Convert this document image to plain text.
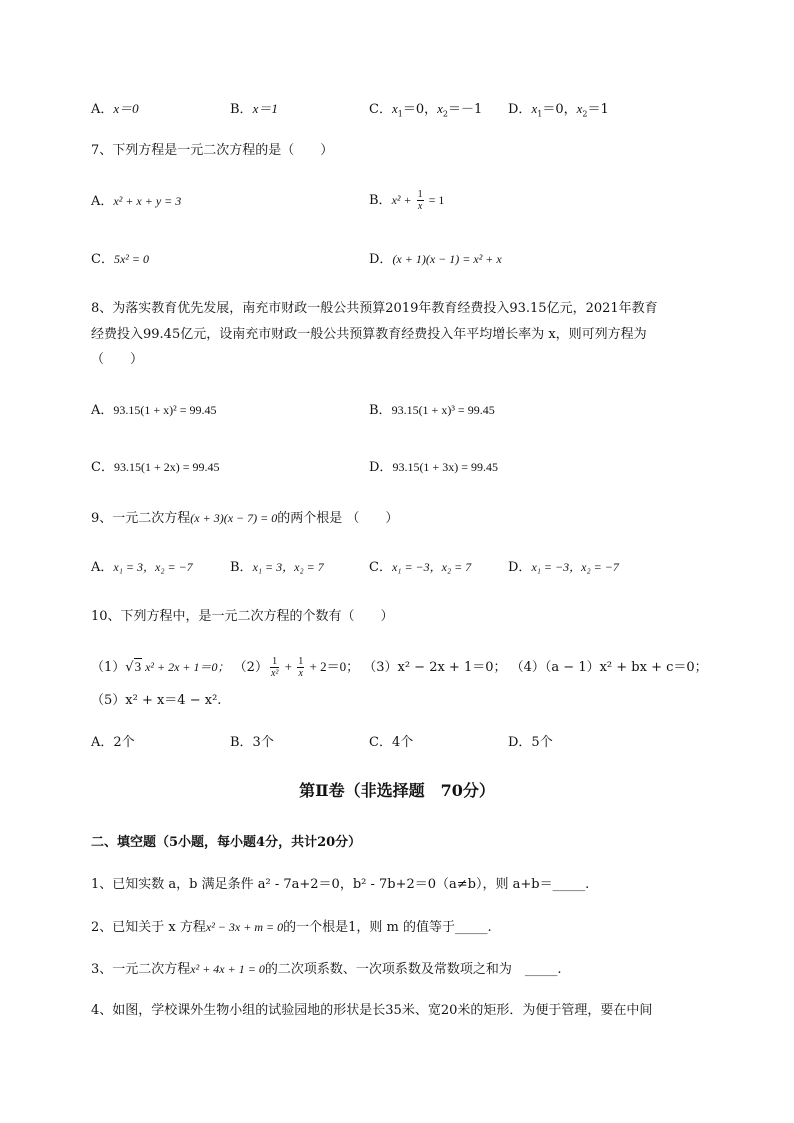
A．x＝0	B．x＝1	C．$x_1=0$，$x_2=-1$ D．$x_1=0$，$x_2=1$
7、下列方程是一元二次方程的是（　　）
A．x² + x + y = 3	B．$x^2 + \frac{1}{x} = 1$
C．5x² = 0	D．(x + 1)(x − 1) = x² + x
8、为落实教育优先发展，南充市财政一般公共预算2019年教育经费投入93.15亿元，2021年教育
经费投入99.45亿元，设南充市财政一般公共预算教育经费投入年平均增长率为 x，则可列方程为
（　　）
A．93.15(1 + x)² = 99.45	B．93.15(1 + x)³ = 99.45
C．93.15(1 + 2x) = 99.45	D．93.15(1 + 3x) = 99.45
9、一元二次方程(x + 3)(x − 7) = 0的两个根是 （　　）
A．x₁ = 3，x₂ = −7	B．x₁ = 3，x₂ = 7	C．x₁ = −3，x₂ = 7	D．x₁ = −3，x₂ = −7
10、下列方程中，是一元二次方程的个数有（　　）
（1）√3 x² + 2x + 1＝0； $(2) \frac{1}{\text{x²}} + \frac{1}{x} + 2=0$； （3）x² − 2x + 1＝0； （4）（a − 1）x² + bx + c＝0；
（5）x² + x＝4 − x².
A．2个	B．3个	C．4个	D．5个
第Ⅱ卷（非选择题　70分）
二、填空题（5小题，每小题4分，共计20分）
1、已知实数 a，b 满足条件 a² - 7a+2＝0，b² - 7b+2＝0（a≠b），则 a+b＝_____.
2、已知关于 x 方程x² − 3x + m = 0的一个根是1，则 m 的值等于_____.
3、一元二次方程x² + 4x + 1 = 0的二次项系数、一次项系数及常数项之和为　_____.
4、如图，学校课外生物小组的试验园地的形状是长35米、宽20米的矩形．为便于管理，要在中间
